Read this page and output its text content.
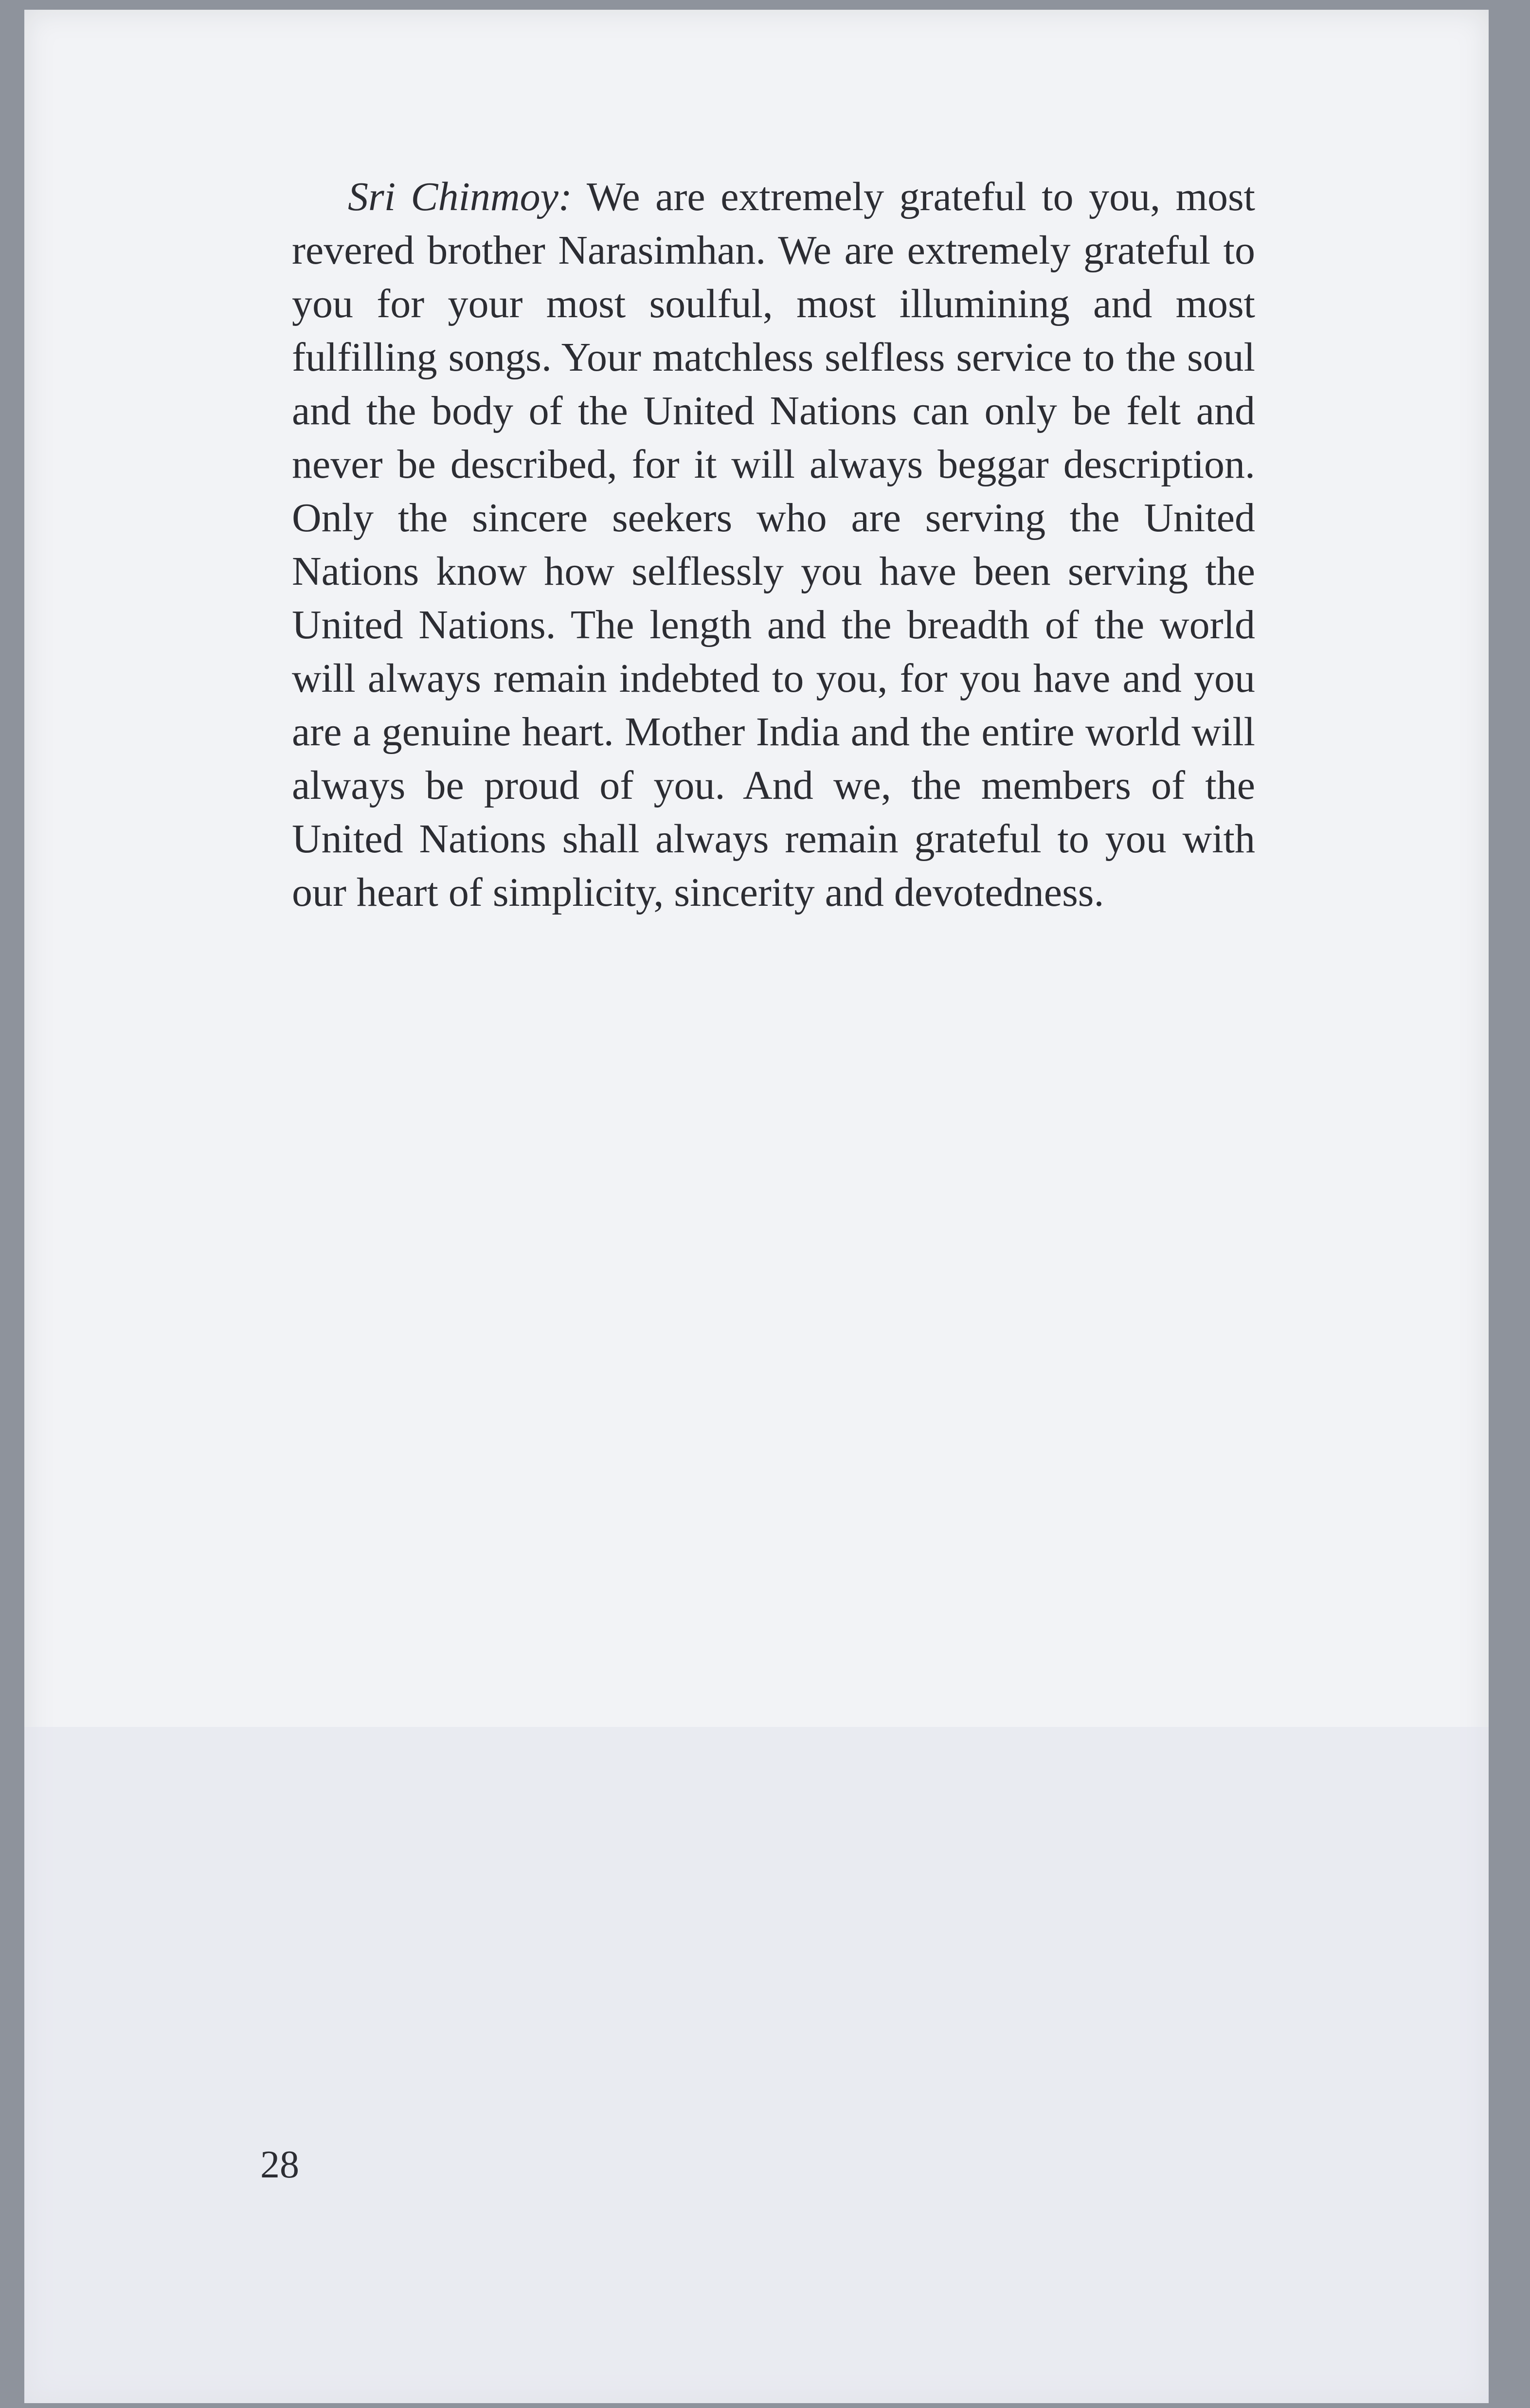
Sri Chinmoy: We are extremely grateful to you, most revered brother Narasimhan. We are extremely grateful to you for your most soulful, most illumining and most fulfilling songs. Your matchless selfless service to the soul and the body of the United Nations can only be felt and never be described, for it will always beggar description. Only the sincere seekers who are serving the United Nations know how selflessly you have been serving the United Nations. The length and the breadth of the world will always remain indebted to you, for you have and you are a genuine heart. Mother India and the entire world will always be proud of you. And we, the members of the United Nations shall always remain grateful to you with our heart of simplicity, sincerity and devotedness.

28
